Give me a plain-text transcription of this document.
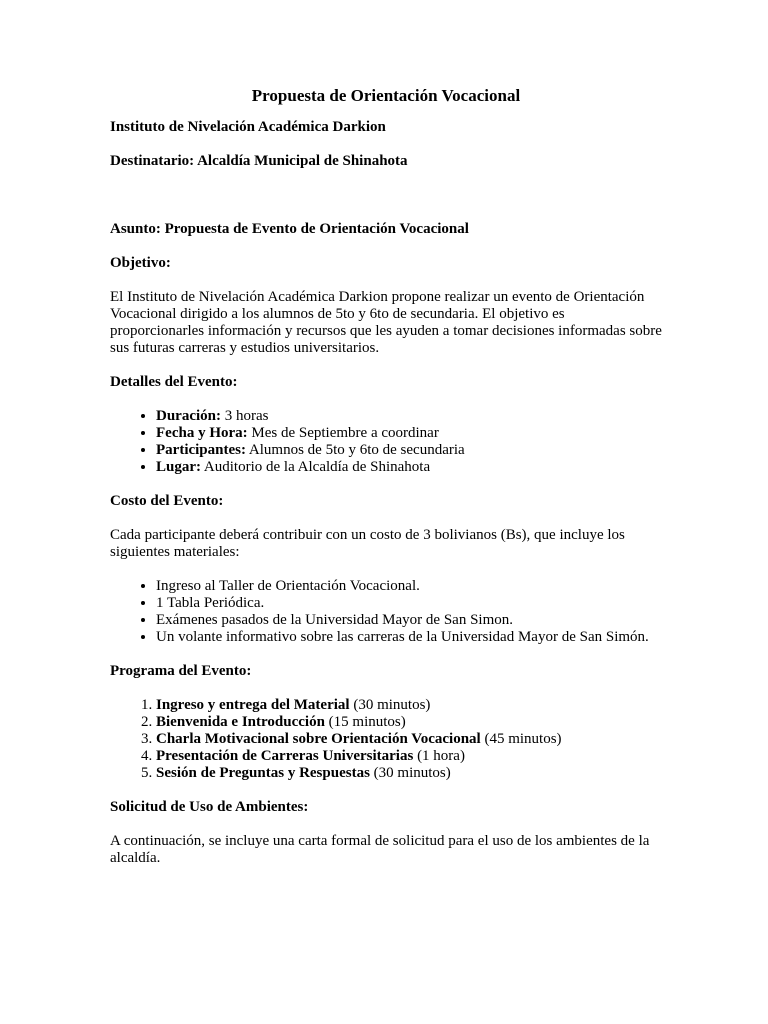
Propuesta de Orientación Vocacional

Instituto de Nivelación Académica Darkion

Destinatario: Alcaldía Municipal de Shinahota

Asunto: Propuesta de Evento de Orientación Vocacional

Objetivo:

El Instituto de Nivelación Académica Darkion propone realizar un evento de Orientación Vocacional dirigido a los alumnos de 5to y 6to de secundaria. El objetivo es proporcionarles información y recursos que les ayuden a tomar decisiones informadas sobre sus futuras carreras y estudios universitarios.

Detalles del Evento:

• Duración: 3 horas
• Fecha y Hora: Mes de Septiembre a coordinar
• Participantes: Alumnos de 5to y 6to de secundaria
• Lugar: Auditorio de la Alcaldía de Shinahota

Costo del Evento:

Cada participante deberá contribuir con un costo de 3 bolivianos (Bs), que incluye los siguientes materiales:

• Ingreso al Taller de Orientación Vocacional.
• 1 Tabla Periódica.
• Exámenes pasados de la Universidad Mayor de San Simon.
• Un volante informativo sobre las carreras de la Universidad Mayor de San Simón.

Programa del Evento:

1. Ingreso y entrega del Material (30 minutos)
2. Bienvenida e Introducción (15 minutos)
3. Charla Motivacional sobre Orientación Vocacional (45 minutos)
4. Presentación de Carreras Universitarias (1 hora)
5. Sesión de Preguntas y Respuestas (30 minutos)

Solicitud de Uso de Ambientes:

A continuación, se incluye una carta formal de solicitud para el uso de los ambientes de la alcaldía.
